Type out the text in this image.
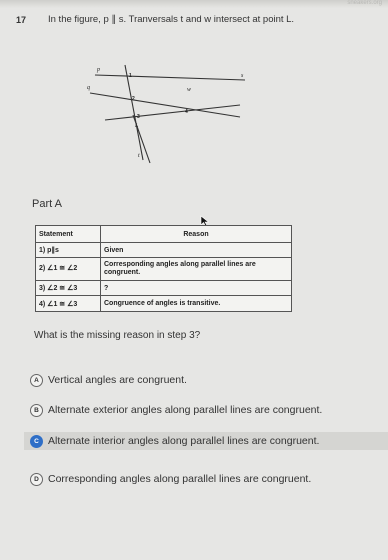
sneakers.org
17 In the figure, p ∥ s. Tranversals t and w intersect at point L.
p
q
s
t
w
L
1
2
3
4
Part A
Statement	Reason
1) p∥s	Given
2) ∠1 ≅ ∠2	Corresponding angles along parallel lines are congruent.
3) ∠2 ≅ ∠3	?
4) ∠1 ≅ ∠3	Congruence of angles is transitive.
What is the missing reason in step 3?
A Vertical angles are congruent.
B Alternate exterior angles along parallel lines are congruent.
C Alternate interior angles along parallel lines are congruent.
D Corresponding angles along parallel lines are congruent.
